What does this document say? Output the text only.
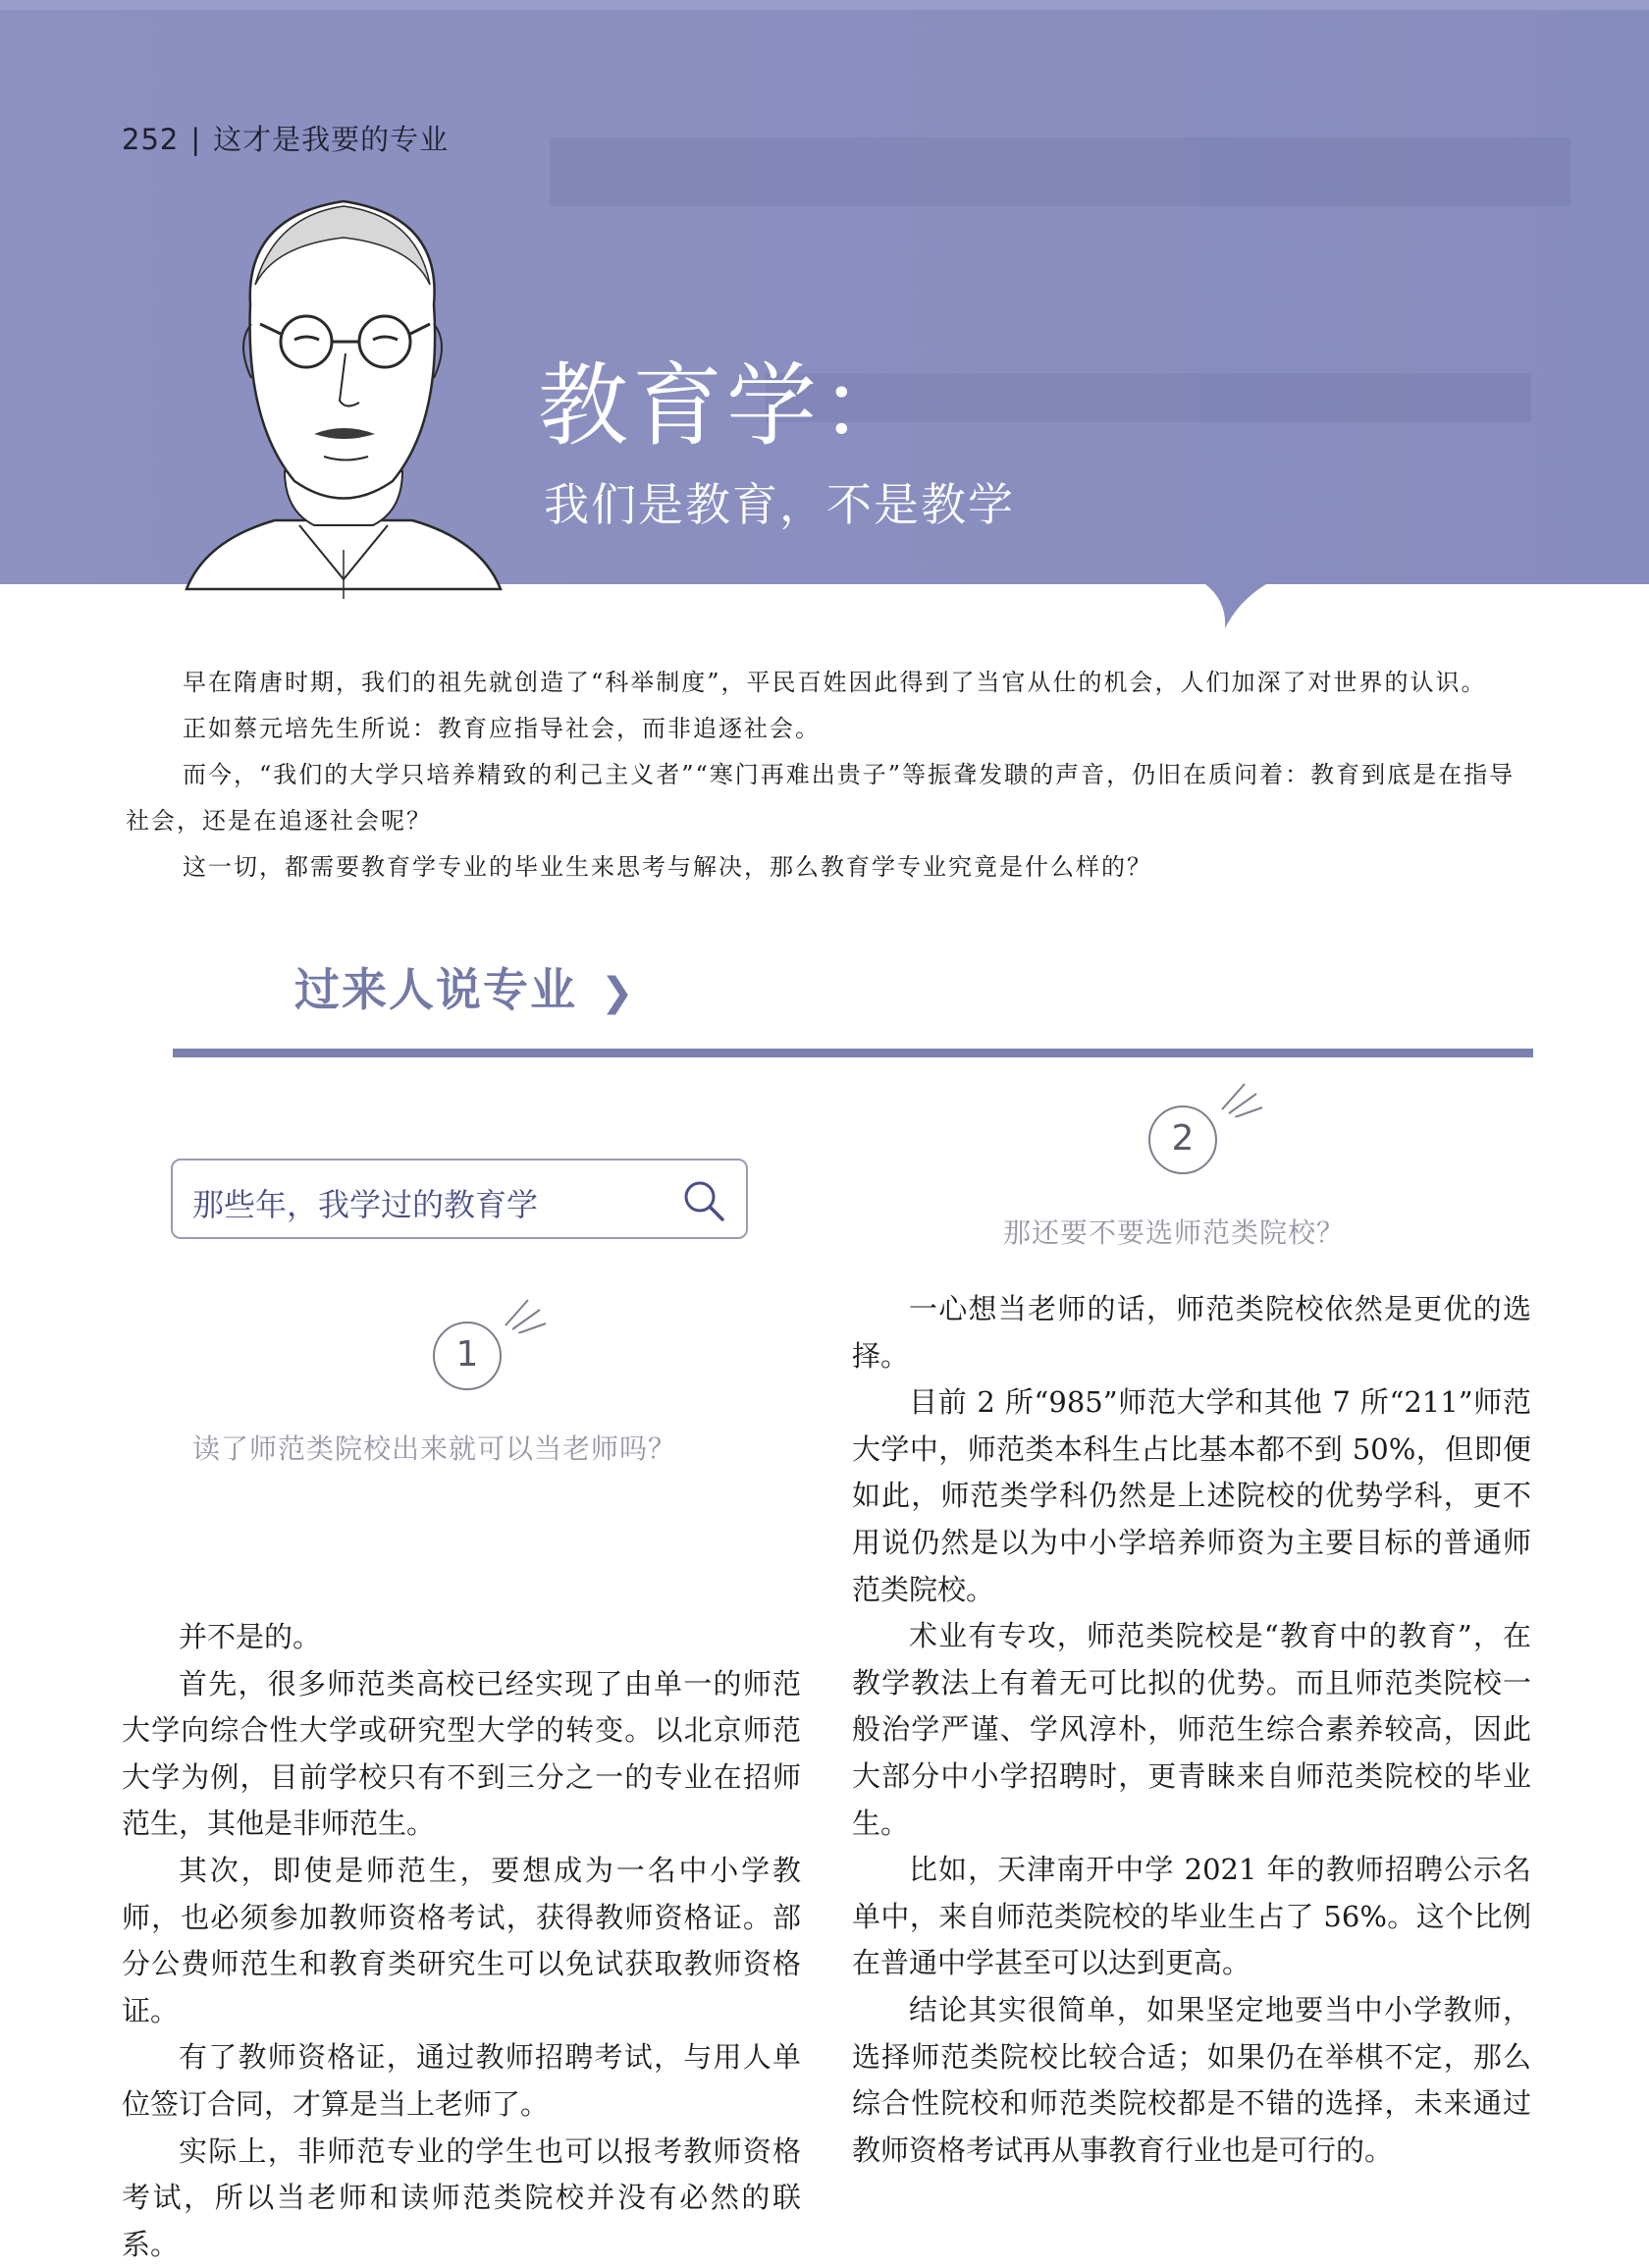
252 | 这才是我要的专业
教育学：
我们是教育，不是教学

早在隋唐时期，我们的祖先就创造了“科举制度”，平民百姓因此得到了当官从仕的机会，人们加深了对世界的认识。

正如蔡元培先生所说：教育应指导社会，而非追逐社会。

而今，“我们的大学只培养精致的利己主义者”“寒门再难出贵子”等振聋发聩的声音，仍旧在质问着：教育到底是在指导社会，还是在追逐社会呢？

这一切，都需要教育学专业的毕业生来思考与解决，那么教育学专业究竟是什么样的？

过来人说专业 ❯
那些年，我学过的教育学
1
读了师范类院校出来就可以当老师吗？
2
那还要不要选师范类院校？

并不是的。

首先，很多师范类高校已经实现了由单一的师范大学向综合性大学或研究型大学的转变。以北京师范大学为例，目前学校只有不到三分之一的专业在招师范生，其他是非师范生。

其次，即使是师范生，要想成为一名中小学教师，也必须参加教师资格考试，获得教师资格证。部分公费师范生和教育类研究生可以免试获取教师资格证。

有了教师资格证，通过教师招聘考试，与用人单位签订合同，才算是当上老师了。

实际上，非师范专业的学生也可以报考教师资格考试，所以当老师和读师范类院校并没有必然的联系。

一心想当老师的话，师范类院校依然是更优的选择。

目前 2 所“985”师范大学和其他 7 所“211”师范大学中，师范类本科生占比基本都不到 50%，但即便如此，师范类学科仍然是上述院校的优势学科，更不用说仍然是以为中小学培养师资为主要目标的普通师范类院校。

术业有专攻，师范类院校是“教育中的教育”，在教学教法上有着无可比拟的优势。而且师范类院校一般治学严谨、学风淳朴，师范生综合素养较高，因此大部分中小学招聘时，更青睐来自师范类院校的毕业生。

比如，天津南开中学 2021 年的教师招聘公示名单中，来自师范类院校的毕业生占了 56%。这个比例在普通中学甚至可以达到更高。

结论其实很简单，如果坚定地要当中小学教师，选择师范类院校比较合适；如果仍在举棋不定，那么综合性院校和师范类院校都是不错的选择，未来通过教师资格考试再从事教育行业也是可行的。
